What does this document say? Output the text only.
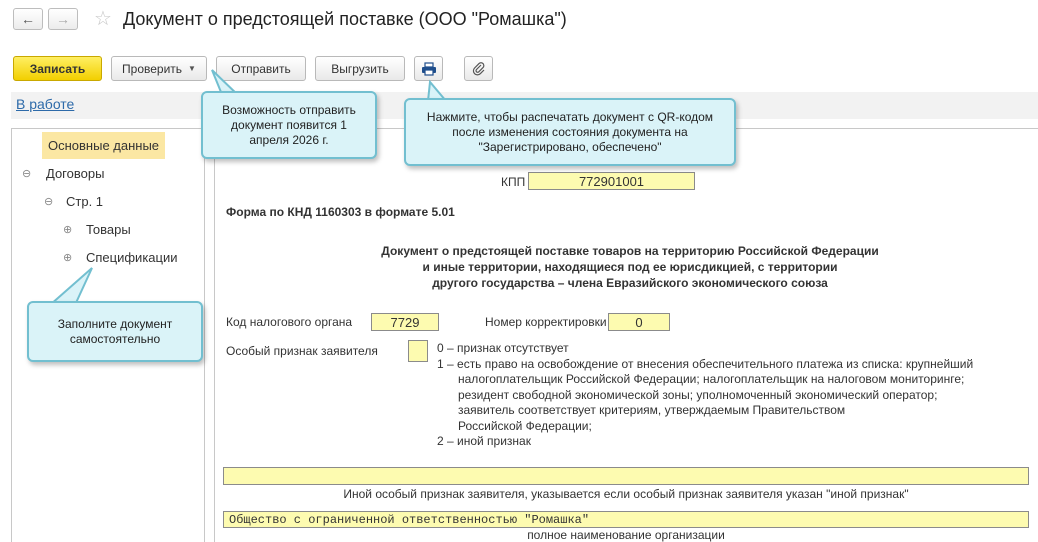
← → ☆ Документ о предстоящей поставке (ООО "Ромашка")
Записать	Проверить ▼	Отправить	Выгрузить
В работе
Основные данные
⊖ Договоры
⊖ Стр. 1
⊕ Товары
⊕ Спецификации
КПП	772901001
Форма по КНД 1160303 в формате 5.01
Документ о предстоящей поставке товаров на территорию Российской Федерации
и иные территории, находящиеся под ее юрисдикцией, с территории
другого государства – члена Евразийского экономического союза
Код налогового органа	7729	Номер корректировки	0
Особый признак заявителя	0 – признак отсутствует
1 – есть право на освобождение от внесения обеспечительного платежа из списка: крупнейший
налогоплательщик Российской Федерации; налогоплательщик на налоговом мониторинге;
резидент свободной экономической зоны; уполномоченный экономический оператор;
заявитель соответствует критериям, утверждаемым Правительством
Российской Федерации;
2 – иной признак
Иной особый признак заявителя, указывается если особый признак заявителя указан "иной признак"
Общество с ограниченной ответственностью "Ромашка"
полное наименование организации
Возможность отправить документ появится 1 апреля 2026 г.
Нажмите, чтобы распечатать документ с QR-кодом после изменения состояния документа на "Зарегистрировано, обеспечено"
Заполните документ самостоятельно
